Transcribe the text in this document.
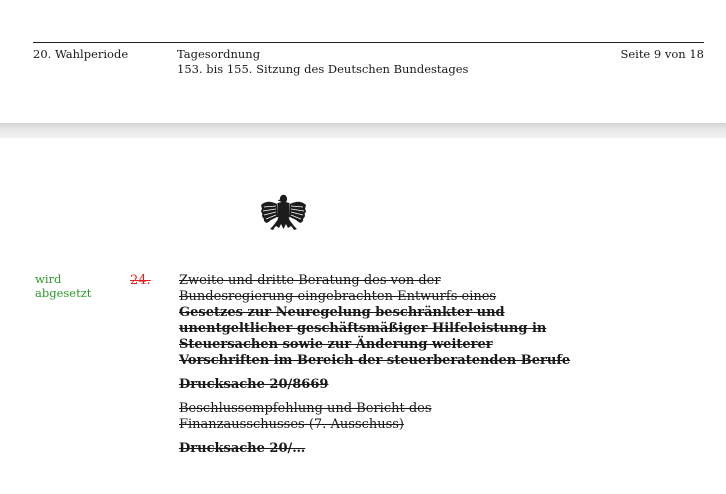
20. Wahlperiode	Tagesordnung
153. bis 155. Sitzung des Deutschen Bundestages
Seite 9 von 18
wird
abgesetzt
24. Zweite und dritte Beratung des von der

Bundesregierung eingebrachten Entwurfs eines

Gesetzes zur Neuregelung beschränkter und

unentgeltlicher geschäftsmäßiger Hilfeleistung in

Steuersachen sowie zur Änderung weiterer

Vorschriften im Bereich der steuerberatenden Berufe

Drucksache 20/8669

Beschlussempfehlung und Bericht des

Finanzausschusses (7. Ausschuss)

Drucksache 20/…
